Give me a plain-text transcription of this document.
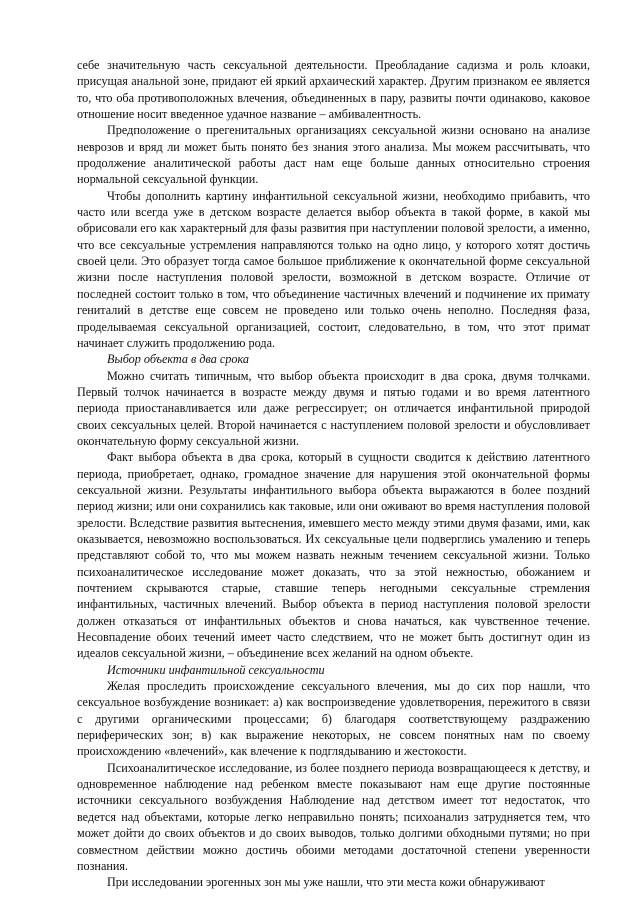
себе значительную часть сексуальной деятельности. Преобладание садизма и роль клоаки, присущая анальной зоне, придают ей яркий архаический характер. Другим признаком ее является то, что оба противоположных влечения, объединенных в пару, развиты почти одинаково, каковое отношение носит введенное удачное название – амбивалентность.

Предположение о прегенитальных организациях сексуальной жизни основано на анализе неврозов и вряд ли может быть понято без знания этого анализа. Мы можем рассчитывать, что продолжение аналитической работы даст нам еще больше данных относительно строения нормальной сексуальной функции.

Чтобы дополнить картину инфантильной сексуальной жизни, необходимо прибавить, что часто или всегда уже в детском возрасте делается выбор объекта в такой форме, в какой мы обрисовали его как характерный для фазы развития при наступлении половой зрелости, а именно, что все сексуальные устремления направляются только на одно лицо, у которого хотят достичь своей цели. Это образует тогда самое большое приближение к окончательной форме сексуальной жизни после наступления половой зрелости, возможной в детском возрасте. Отличие от последней состоит только в том, что объединение частичных влечений и подчинение их примату гениталий в детстве еще совсем не проведено или только очень неполно. Последняя фаза, проделываемая сексуальной организацией, состоит, следовательно, в том, что этот примат начинает служить продолжению рода.

Выбор объекта в два срока

Можно считать типичным, что выбор объекта происходит в два срока, двумя толчками. Первый толчок начинается в возрасте между двумя и пятью годами и во время латентного периода приостанавливается или даже регрессирует; он отличается инфантильной природой своих сексуальных целей. Второй начинается с наступлением половой зрелости и обусловливает окончательную форму сексуальной жизни.

Факт выбора объекта в два срока, который в сущности сводится к действию латентного периода, приобретает, однако, громадное значение для нарушения этой окончательной формы сексуальной жизни. Результаты инфантильного выбора объекта выражаются в более поздний период жизни; или они сохранились как таковые, или они оживают во время наступления половой зрелости. Вследствие развития вытеснения, имевшего место между этими двумя фазами, ими, как оказывается, невозможно воспользоваться. Их сексуальные цели подверглись умалению и теперь представляют собой то, что мы можем назвать нежным течением сексуальной жизни. Только психоаналитическое исследование может доказать, что за этой нежностью, обожанием и почтением скрываются старые, ставшие теперь негодными сексуальные стремления инфантильных, частичных влечений. Выбор объекта в период наступления половой зрелости должен отказаться от инфантильных объектов и снова начаться, как чувственное течение. Несовпадение обоих течений имеет часто следствием, что не может быть достигнут один из идеалов сексуальной жизни, – объединение всех желаний на одном объекте.

Источники инфантильной сексуальности

Желая проследить происхождение сексуального влечения, мы до сих пор нашли, что сексуальное возбуждение возникает: а) как воспроизведение удовлетворения, пережитого в связи с другими органическими процессами; б) благодаря соответствующему раздражению периферических зон; в) как выражение некоторых, не совсем понятных нам по своему происхождению «влечений», как влечение к подглядыванию и жестокости.

Психоаналитическое исследование, из более позднего периода возвращающееся к детству, и одновременное наблюдение над ребенком вместе показывают нам еще другие постоянные источники сексуального возбуждения Наблюдение над детством имеет тот недостаток, что ведется над объектами, которые легко неправильно понять; психоанализ затрудняется тем, что может дойти до своих объектов и до своих выводов, только долгими обходными путями; но при совместном действии можно достичь обоими методами достаточной степени уверенности познания.

При исследовании эрогенных зон мы уже нашли, что эти места кожи обнаруживают
